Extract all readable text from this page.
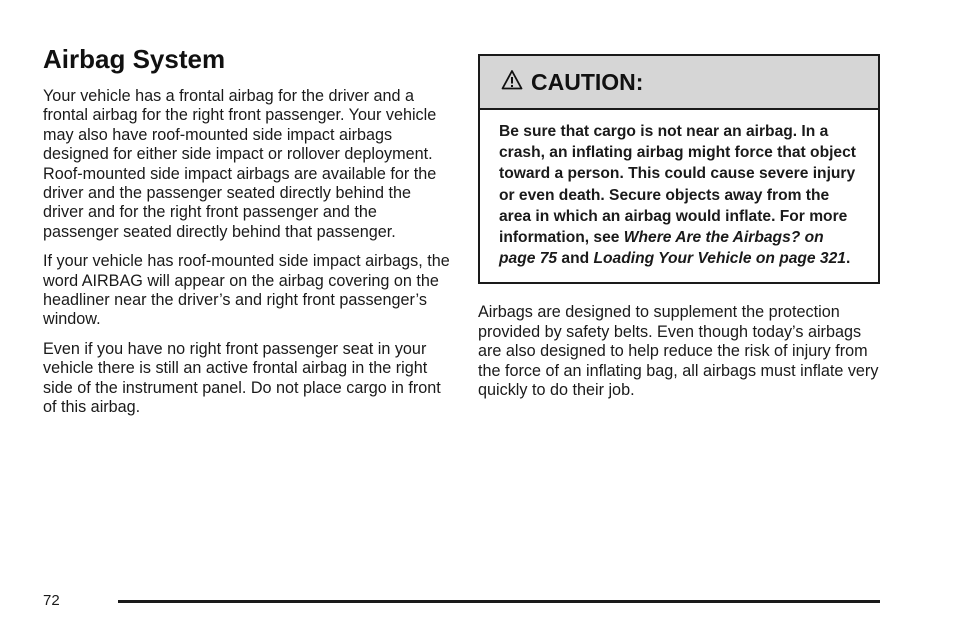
Airbag System

Your vehicle has a frontal airbag for the driver and a frontal airbag for the right front passenger. Your vehicle may also have roof-mounted side impact airbags designed for either side impact or rollover deployment. Roof-mounted side impact airbags are available for the driver and the passenger seated directly behind the driver and for the right front passenger and the passenger seated directly behind that passenger.

If your vehicle has roof-mounted side impact airbags, the word AIRBAG will appear on the airbag covering on the headliner near the driver’s and right front passenger’s window.

Even if you have no right front passenger seat in your vehicle there is still an active frontal airbag in the right side of the instrument panel. Do not place cargo in front of this airbag.

CAUTION:
Be sure that cargo is not near an airbag. In a crash, an inflating airbag might force that object toward a person. This could cause severe injury or even death. Secure objects away from the area in which an airbag would inflate. For more information, see Where Are the Airbags? on page 75 and Loading Your Vehicle on page 321.

Airbags are designed to supplement the protection provided by safety belts. Even though today’s airbags are also designed to help reduce the risk of injury from the force of an inflating bag, all airbags must inflate very quickly to do their job.

72
